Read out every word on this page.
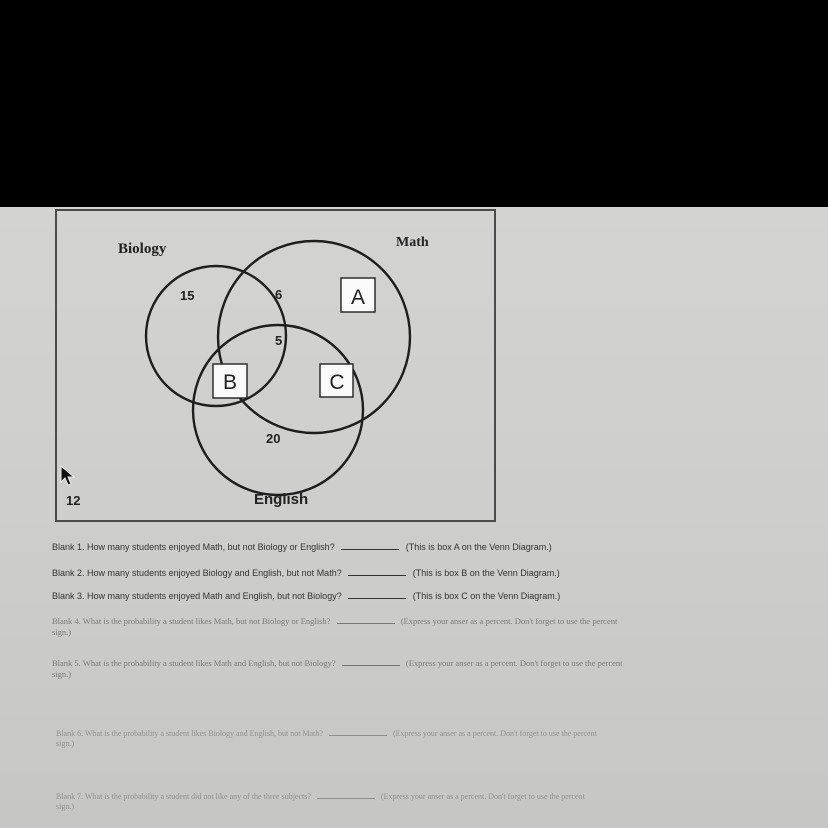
Biology	Math
English
15	6
5
20
12
A
B	C
Blank 1. How many students enjoyed Math, but not Biology or English?	(This is box A on the Venn Diagram.)
Blank 2. How many students enjoyed Biology and English, but not Math?	(This is box B on the Venn Diagram.)
Blank 3. How many students enjoyed Math and English, but not Biology?	(This is box C on the Venn Diagram.)
Blank 4. What is the probability a student likes Math, but not Biology or English?	(Express your anser as a percent. Don't forget to use the percent
sign.)
Blank 5. What is the probability a student likes Math and English, but not Biology?	(Express your anser as a percent. Don't forget to use the percent
sign.)
Blank 6. What is the probability a student likes Biology and English, but not Math?	(Express your anser as a percent. Don't forget to use the percent
sign.)
Blank 7. What is the probability a student did not like any of the three subjects?	(Express your anser as a percent. Don't forget to use the percent
sign.)
